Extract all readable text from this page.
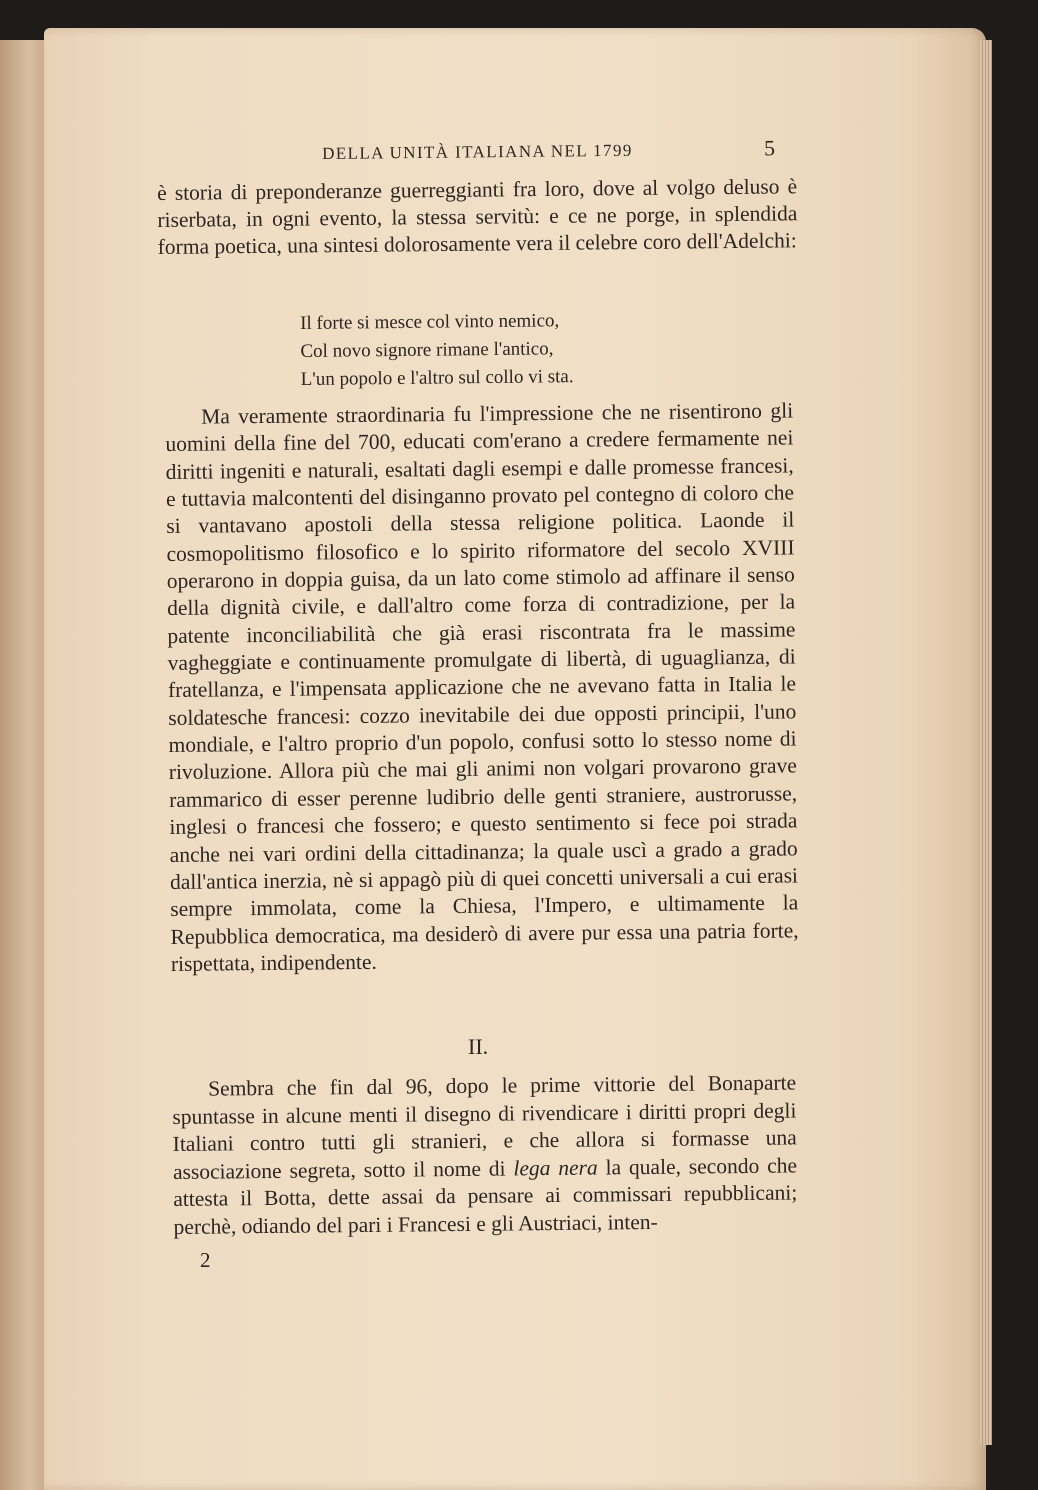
DELLA UNITÀ ITALIANA NEL 1799	5

è storia di preponderanze guerreggianti fra loro, dove al volgo deluso è riserbata, in ogni evento, la stessa servitù: e ce ne porge, in splendida forma poetica, una sintesi dolorosamente vera il celebre coro dell'Adelchi:

Il forte si mesce col vinto nemico,
Col novo signore rimane l'antico,
L'un popolo e l'altro sul collo vi sta.

Ma veramente straordinaria fu l'impressione che ne risentirono gli uomini della fine del 700, educati com'erano a credere fermamente nei diritti ingeniti e naturali, esaltati dagli esempi e dalle promesse francesi, e tuttavia malcontenti del disinganno provato pel contegno di coloro che si vantavano apostoli della stessa religione politica. Laonde il cosmopolitismo filosofico e lo spirito riformatore del secolo XVIII operarono in doppia guisa, da un lato come stimolo ad affinare il senso della dignità civile, e dall'altro come forza di contradizione, per la patente inconciliabilità che già erasi riscontrata fra le massime vagheggiate e continuamente promulgate di libertà, di uguaglianza, di fratellanza, e l'impensata applicazione che ne avevano fatta in Italia le soldatesche francesi: cozzo inevitabile dei due opposti principii, l'uno mondiale, e l'altro proprio d'un popolo, confusi sotto lo stesso nome di rivoluzione. Allora più che mai gli animi non volgari provarono grave rammarico di esser perenne ludibrio delle genti straniere, austrorusse, inglesi o francesi che fossero; e questo sentimento si fece poi strada anche nei vari ordini della cittadinanza; la quale uscì a grado a grado dall'antica inerzia, nè si appagò più di quei concetti universali a cui erasi sempre immolata, come la Chiesa, l'Impero, e ultimamente la Repubblica democratica, ma desiderò di avere pur essa una patria forte, rispettata, indipendente.

II.

Sembra che fin dal 96, dopo le prime vittorie del Bonaparte spuntasse in alcune menti il disegno di rivendicare i diritti propri degli Italiani contro tutti gli stranieri, e che allora si formasse una associazione segreta, sotto il nome di lega nera la quale, secondo che attesta il Botta, dette assai da pensare ai commissari repubblicani; perchè, odiando del pari i Francesi e gli Austriaci, inten-

2
